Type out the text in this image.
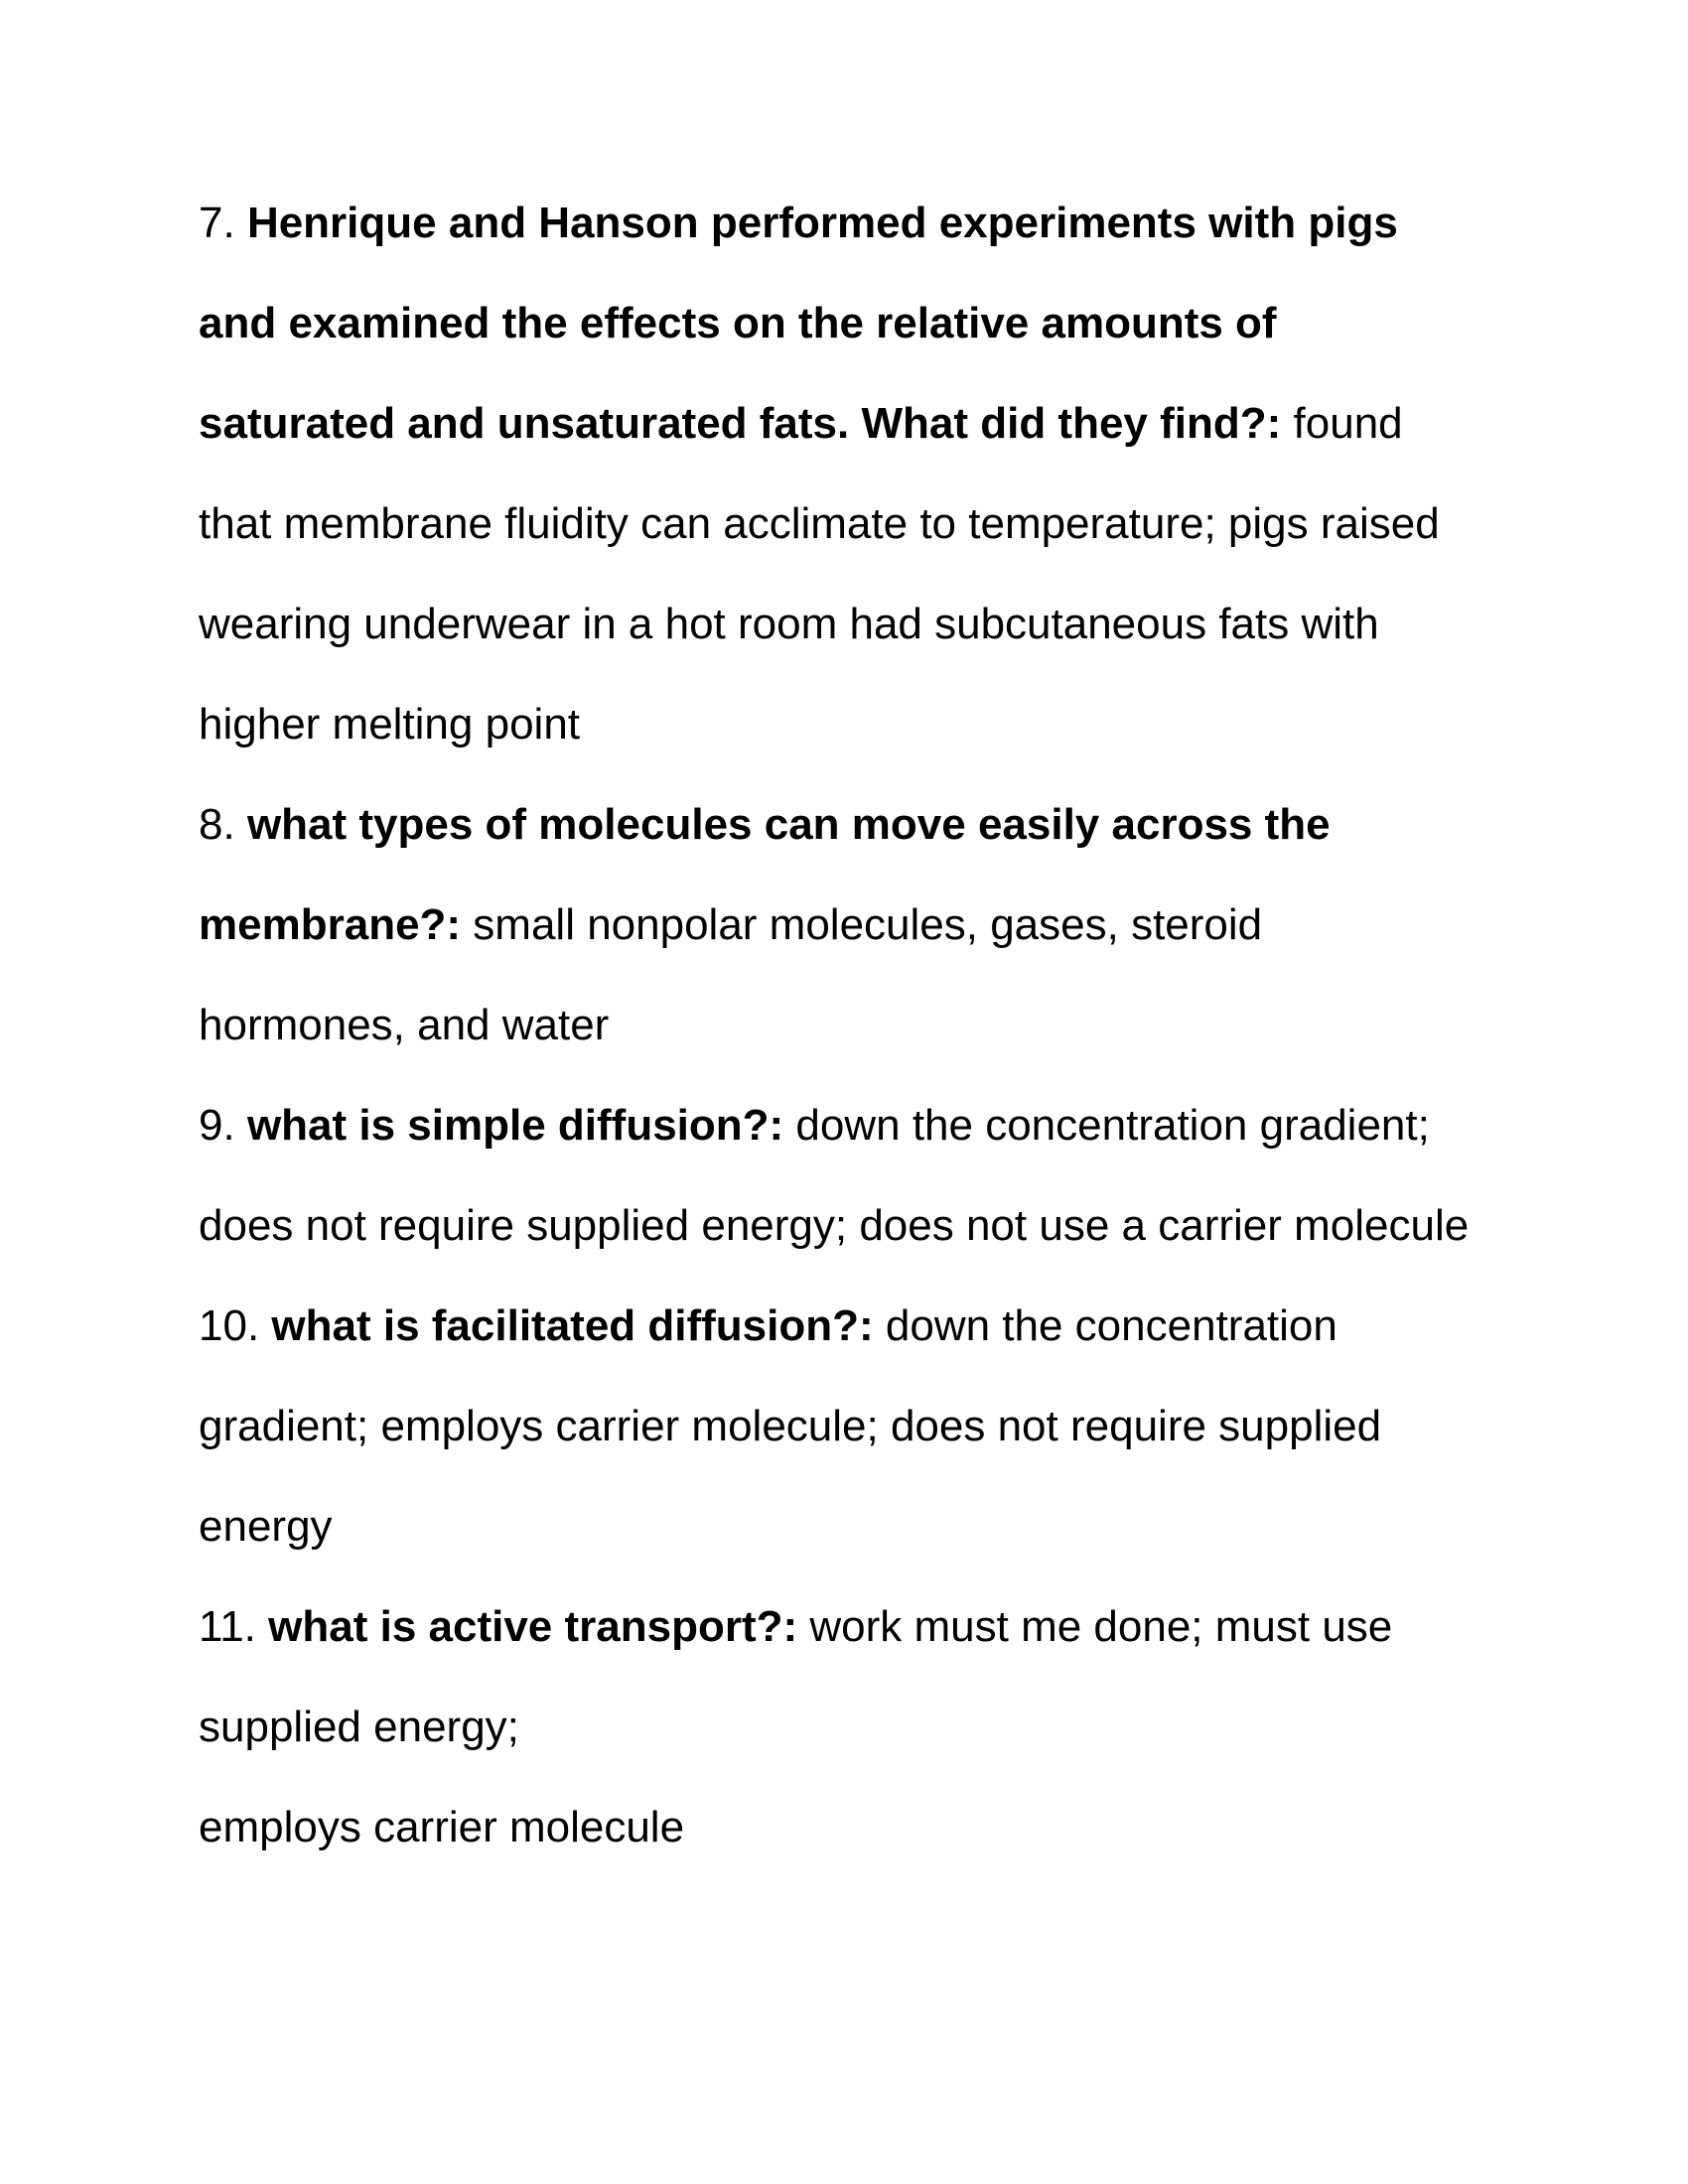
7. Henrique and Hanson performed experiments with pigs
and examined the effects on the relative amounts of
saturated and unsaturated fats. What did they find?: found
that membrane fluidity can acclimate to temperature; pigs raised
wearing underwear in a hot room had subcutaneous fats with
higher melting point
8. what types of molecules can move easily across the
membrane?: small nonpolar molecules, gases, steroid
hormones, and water
9. what is simple diffusion?: down the concentration gradient;
does not require supplied energy; does not use a carrier molecule
10. what is facilitated diffusion?: down the concentration
gradient; employs carrier molecule; does not require supplied
energy
11. what is active transport?: work must me done; must use
supplied energy;
employs carrier molecule
